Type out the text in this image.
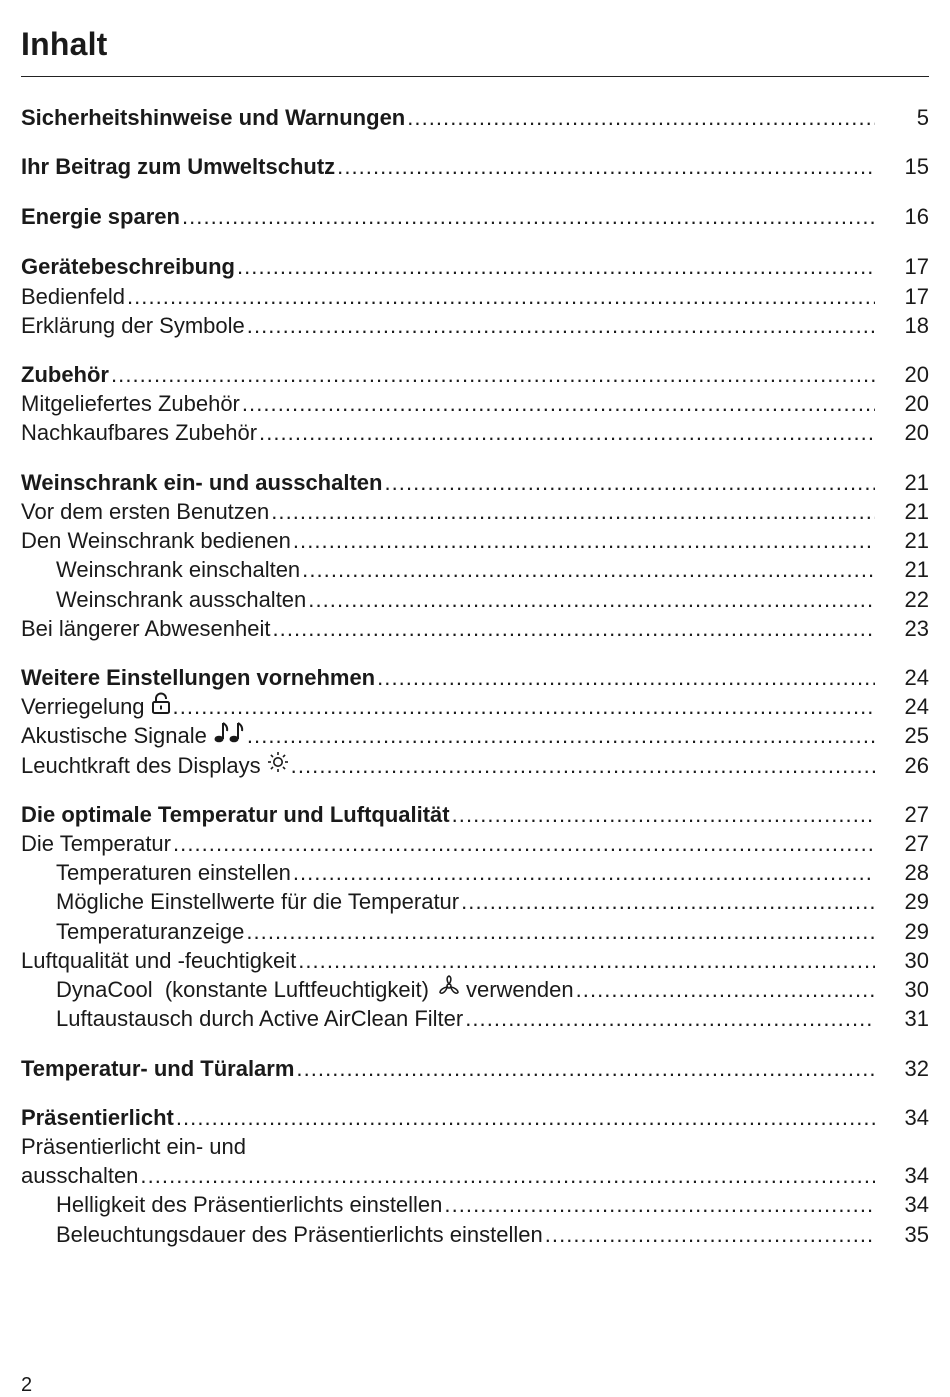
Inhalt
Sicherheitshinweise und Warnungen .....	5
Ihr Beitrag zum Umweltschutz .....	15
Energie sparen .....	16
Gerätebeschreibung .....	17
Bedienfeld .....	17
Erklärung der Symbole .....	18
Zubehör .....	20
Mitgeliefertes Zubehör .....	20
Nachkaufbares Zubehör .....	20
Weinschrank ein- und ausschalten .....	21
Vor dem ersten Benutzen .....	21
Den Weinschrank bedienen .....	21
Weinschrank einschalten .....	21
Weinschrank ausschalten .....	22
Bei längerer Abwesenheit .....	23
Weitere Einstellungen vornehmen .....	24
Verriegelung .....	24
Akustische Signale .....	25
Leuchtkraft des Displays .....	26
Die optimale Temperatur und Luftqualität .....	27
Die Temperatur .....	27
Temperaturen einstellen .....	28
Mögliche Einstellwerte für die Temperatur .....	29
Temperaturanzeige .....	29
Luftqualität und -feuchtigkeit .....	30
DynaCool  (konstante Luftfeuchtigkeit) verwenden .....	30
Luftaustausch durch Active AirClean Filter .....	31
Temperatur- und Türalarm .....	32
Präsentierlicht .....	34
Präsentierlicht ein- und
ausschalten .....	34
Helligkeit des Präsentierlichts einstellen .....	34
Beleuchtungsdauer des Präsentierlichts einstellen .....	35
2
